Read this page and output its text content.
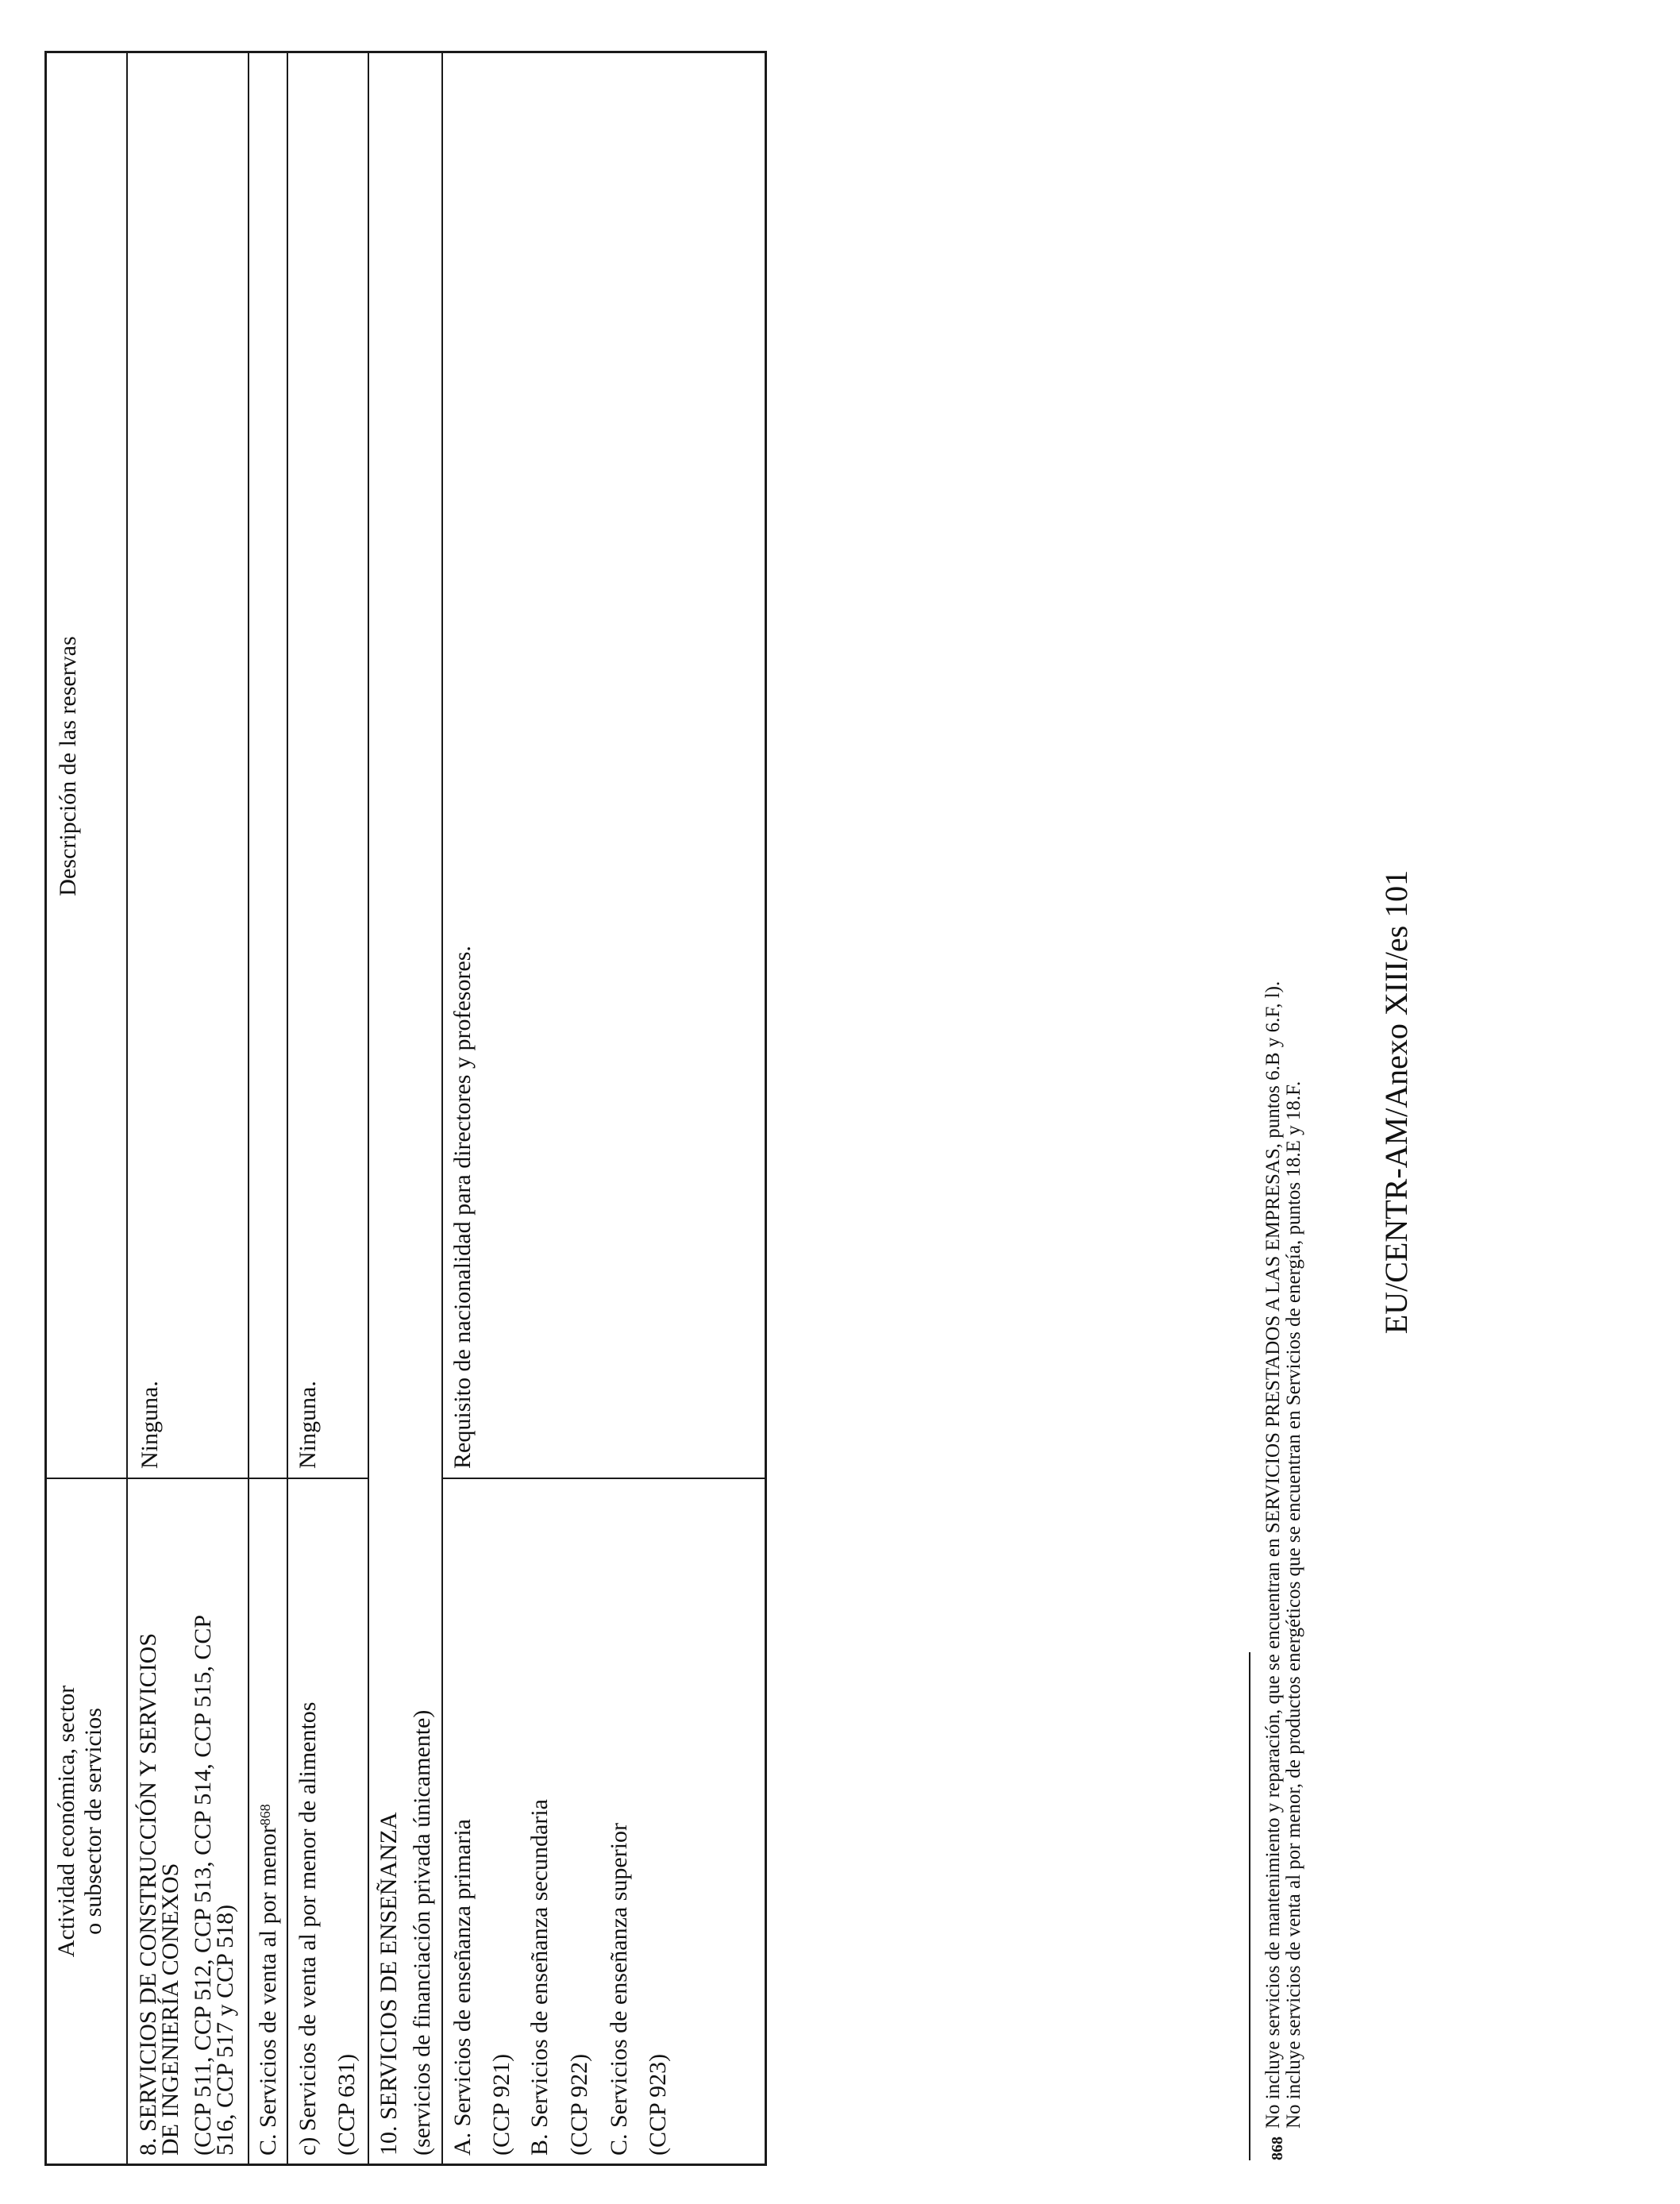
Actividad económica, sector o subsector de servicios
Descripción de las reservas
8. SERVICIOS DE CONSTRUCCIÓN Y SERVICIOS
DE INGENIERÍA CONEXOS (CCP 511, CCP 512, CCP 513, CCP 514, CCP 515, CCP
516, CCP 517 y CCP 518)
Ninguna.
C. Servicios de venta al por menor$^{868}$ c) Servicios de venta al por menor de alimentos (CCP 631)
Ninguna.
10. SERVICIOS DE ENSEÑANZA (servicios de financiación privada únicamente) A. Servicios de enseñanza primaria (CCP 921) B. Servicios de enseñanza secundaria (CCP 922) C. Servicios de enseñanza superior (CCP 923)
Requisito de nacionalidad para directores y profesores.
868
No incluye servicios de mantenimiento y reparación, que se encuentran en SERVICIOS PRESTADOS A LAS EMPRESAS, puntos 6.B y 6.F, l). No incluye servicios de venta al por menor, de productos energéticos que se encuentran en Servicios de energía, puntos 18.E y 18.F. EU/CENTR-AM/Anexo XIII/es 101
